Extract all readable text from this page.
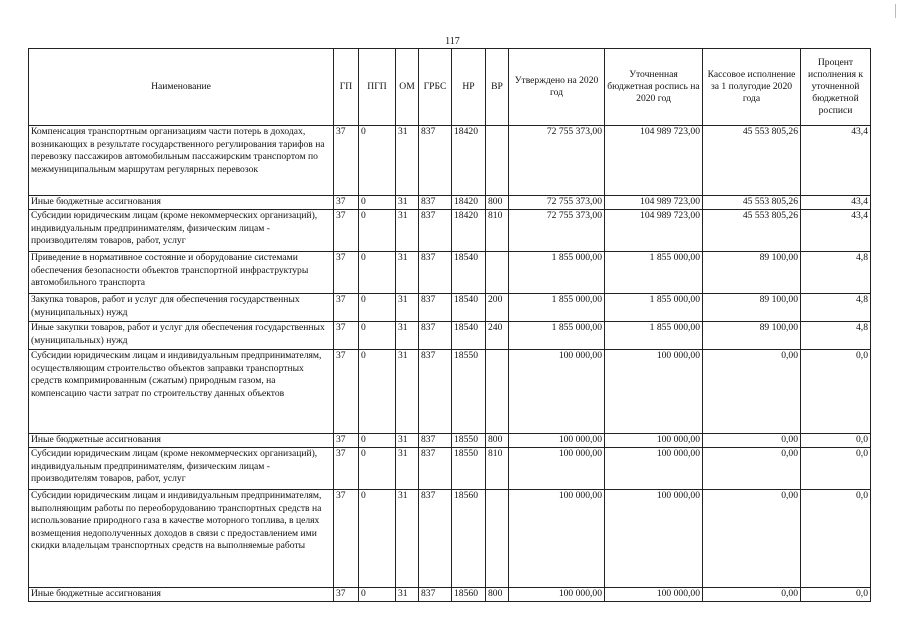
117
Наименование	ГП	ПГП	ОМ	ГРБС	НР	ВР	Утверждено на 2020 год	Уточненная бюджетная роспись на 2020 год	Кассовое исполнение за 1 полугодие 2020 года	Процент исполнения к уточненной бюджетной росписи
Компенсация транспортным организациям части потерь в доходах, возникающих в результате государственного регулирования тарифов на перевозку пассажиров автомобильным пассажирским транспортом по межмуниципальным маршрутам регулярных перевозок	37	0	31	837	18420		72 755 373,00	104 989 723,00	45 553 805,26	43,4
Иные бюджетные ассигнования	37	0	31	837	18420	800	72 755 373,00	104 989 723,00	45 553 805,26	43,4
Субсидии юридическим лицам (кроме некоммерческих организаций), индивидуальным предпринимателям, физическим лицам - производителям товаров, работ, услуг	37	0	31	837	18420	810	72 755 373,00	104 989 723,00	45 553 805,26	43,4
Приведение в нормативное состояние и оборудование системами обеспечения безопасности объектов транспортной инфраструктуры автомобильного транспорта	37	0	31	837	18540		1 855 000,00	1 855 000,00	89 100,00	4,8
Закупка товаров, работ и услуг для обеспечения государственных (муниципальных) нужд	37	0	31	837	18540	200	1 855 000,00	1 855 000,00	89 100,00	4,8
Иные закупки товаров, работ и услуг для обеспечения государственных (муниципальных) нужд	37	0	31	837	18540	240	1 855 000,00	1 855 000,00	89 100,00	4,8
Субсидии юридическим лицам и индивидуальным предпринимателям, осуществляющим строительство объектов заправки транспортных средств компримированным (сжатым) природным газом, на компенсацию части затрат по строительству данных объектов	37	0	31	837	18550		100 000,00	100 000,00	0,00	0,0
Иные бюджетные ассигнования	37	0	31	837	18550	800	100 000,00	100 000,00	0,00	0,0
Субсидии юридическим лицам (кроме некоммерческих организаций), индивидуальным предпринимателям, физическим лицам - производителям товаров, работ, услуг	37	0	31	837	18550	810	100 000,00	100 000,00	0,00	0,0
Субсидии юридическим лицам и индивидуальным предпринимателям, выполняющим работы по переоборудованию транспортных средств на использование природного газа в качестве моторного топлива, в целях возмещения недополученных доходов в связи с предоставлением ими скидки владельцам транспортных средств на выполняемые работы	37	0	31	837	18560		100 000,00	100 000,00	0,00	0,0
Иные бюджетные ассигнования	37	0	31	837	18560	800	100 000,00	100 000,00	0,00	0,0
